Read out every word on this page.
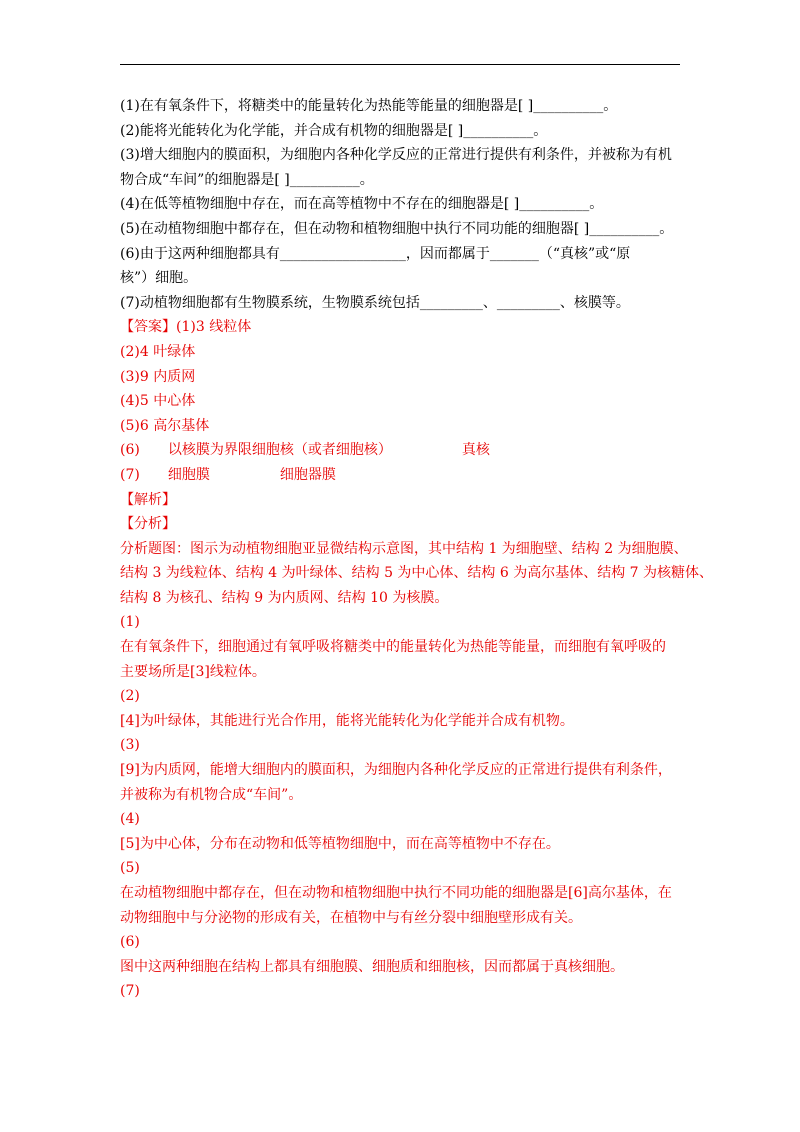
(1)在有氧条件下，将糖类中的能量转化为热能等能量的细胞器是[ ]__________。
(2)能将光能转化为化学能，并合成有机物的细胞器是[ ]__________。
(3)增大细胞内的膜面积，为细胞内各种化学反应的正常进行提供有利条件，并被称为有机
物合成“车间”的细胞器是[ ]__________。
(4)在低等植物细胞中存在，而在高等植物中不存在的细胞器是[ ]__________。
(5)在动植物细胞中都存在，但在动物和植物细胞中执行不同功能的细胞器[ ]__________。
(6)由于这两种细胞都具有__________________，因而都属于_______（“真核”或“原
核”）细胞。
(7)动植物细胞都有生物膜系统，生物膜系统包括_________、_________、核膜等。
【答案】(1)3 线粒体
(2)4 叶绿体
(3)9 内质网
(4)5 中心体
(5)6 高尔基体
(6) 以核膜为界限细胞核（或者细胞核）	真核
(7) 细胞膜	细胞器膜
【解析】
【分析】
分析题图：图示为动植物细胞亚显微结构示意图，其中结构 1 为细胞壁、结构 2 为细胞膜、
结构 3 为线粒体、结构 4 为叶绿体、结构 5 为中心体、结构 6 为高尔基体、结构 7 为核糖体、
结构 8 为核孔、结构 9 为内质网、结构 10 为核膜。
(1)
在有氧条件下，细胞通过有氧呼吸将糖类中的能量转化为热能等能量，而细胞有氧呼吸的
主要场所是[3]线粒体。
(2)
[4]为叶绿体，其能进行光合作用，能将光能转化为化学能并合成有机物。
(3)
[9]为内质网，能增大细胞内的膜面积，为细胞内各种化学反应的正常进行提供有利条件，
并被称为有机物合成“车间”。
(4)
[5]为中心体，分布在动物和低等植物细胞中，而在高等植物中不存在。
(5)
在动植物细胞中都存在，但在动物和植物细胞中执行不同功能的细胞器是[6]高尔基体，在
动物细胞中与分泌物的形成有关，在植物中与有丝分裂中细胞壁形成有关。
(6)
图中这两种细胞在结构上都具有细胞膜、细胞质和细胞核，因而都属于真核细胞。
(7)
